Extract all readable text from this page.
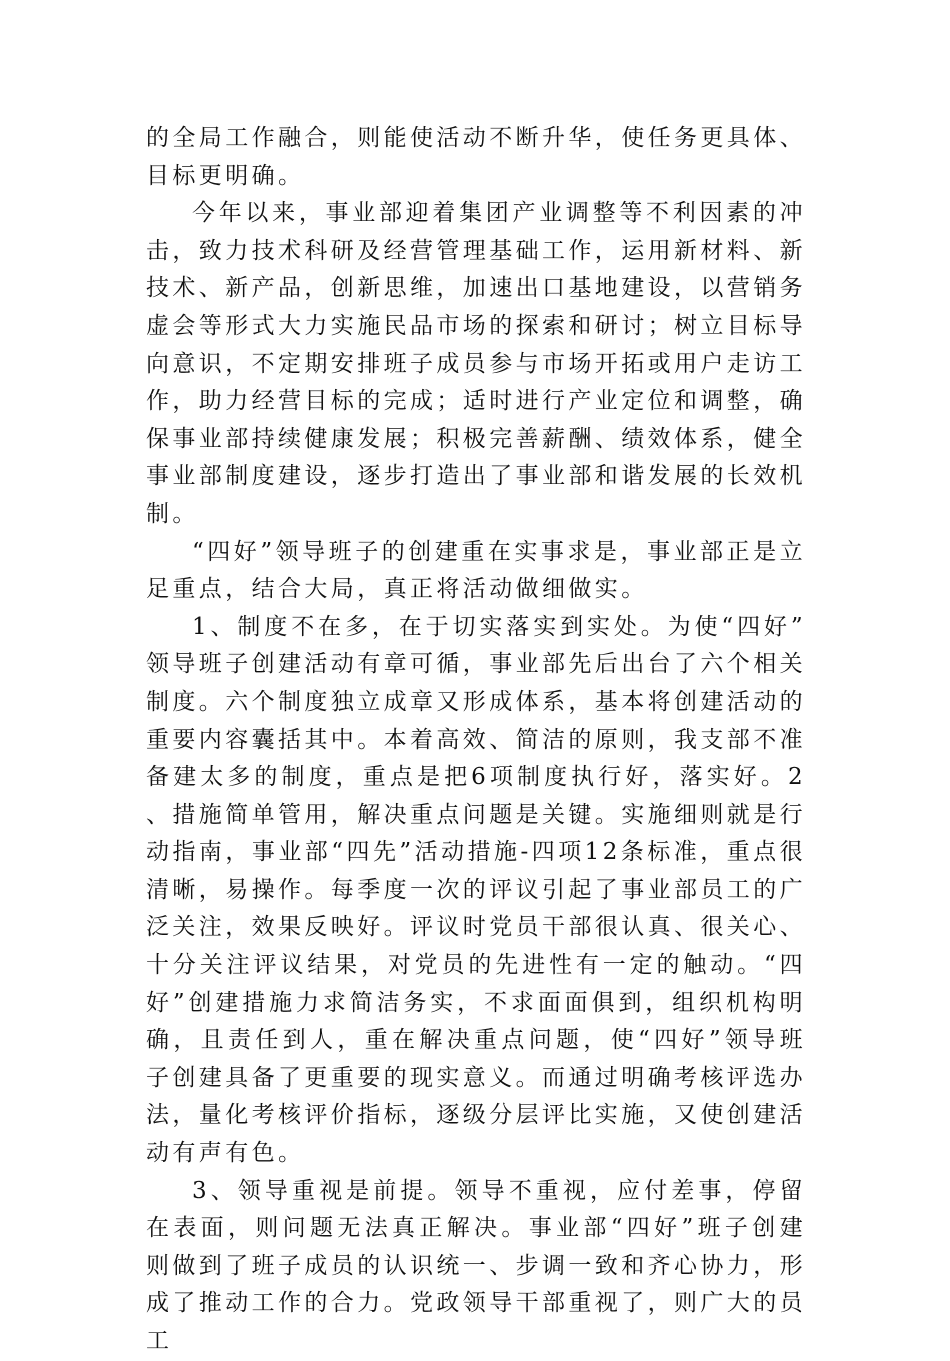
的全局工作融合，则能使活动不断升华，使任务更具体、目标更明确。

今年以来，事业部迎着集团产业调整等不利因素的冲击，致力技术科研及经营管理基础工作，运用新材料、新技术、新产品，创新思维，加速出口基地建设，以营销务虚会等形式大力实施民品市场的探索和研讨；树立目标导向意识，不定期安排班子成员参与市场开拓或用户走访工作，助力经营目标的完成；适时进行产业定位和调整，确保事业部持续健康发展；积极完善薪酬、绩效体系，健全事业部制度建设，逐步打造出了事业部和谐发展的长效机制。

“四好”领导班子的创建重在实事求是，事业部正是立足重点，结合大局，真正将活动做细做实。

1、制度不在多，在于切实落实到实处。为使“四好”领导班子创建活动有章可循，事业部先后出台了六个相关制度。六个制度独立成章又形成体系，基本将创建活动的重要内容囊括其中。本着高效、简洁的原则，我支部不准备建太多的制度，重点是把6项制度执行好，落实好。2、措施简单管用，解决重点问题是关键。实施细则就是行动指南，事业部“四先”活动措施-四项12条标准，重点很清晰，易操作。每季度一次的评议引起了事业部员工的广泛关注，效果反映好。评议时党员干部很认真、很关心、十分关注评议结果，对党员的先进性有一定的触动。“四好”创建措施力求简洁务实，不求面面俱到，组织机构明确，且责任到人，重在解决重点问题，使“四好”领导班子创建具备了更重要的现实意义。而通过明确考核评选办法，量化考核评价指标，逐级分层评比实施，又使创建活动有声有色。

3、领导重视是前提。领导不重视，应付差事，停留在表面，则问题无法真正解决。事业部“四好”班子创建则做到了班子成员的认识统一、步调一致和齐心协力，形成了推动工作的合力。党政领导干部重视了，则广大的员工
